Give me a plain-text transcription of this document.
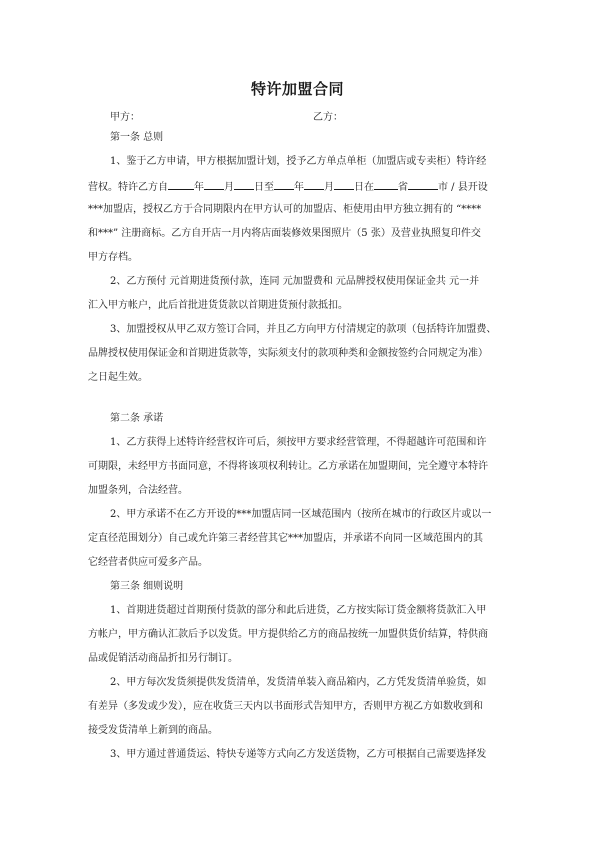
特许加盟合同
甲方：	乙方：
第一条 总则
1、鉴于乙方申请，甲方根据加盟计划，授予乙方单点单柜（加盟店或专卖柜）特许经
营权。特许乙方自	年 月 日至 年 月 日在 省	市 / 县开设
***加盟店，授权乙方于合同期限内在甲方认可的加盟店、柜使用由甲方独立拥有的 “****
和***” 注册商标。乙方自开店一月内将店面装修效果图照片（5 张）及营业执照复印件交
甲方存档。
2、乙方预付 元首期进货预付款，连同 元加盟费和 元品牌授权使用保证金共 元一并
汇入甲方帐户，此后首批进货货款以首期进货预付款抵扣。
3、加盟授权从甲乙双方签订合同，并且乙方向甲方付清规定的款项（包括特许加盟费、
品牌授权使用保证金和首期进货款等，实际须支付的款项种类和金额按签约合同规定为准）
之日起生效。
第二条 承诺
1、乙方获得上述特许经营权许可后，须按甲方要求经营管理，不得超越许可范围和许
可期限，未经甲方书面同意，不得将该项权利转让。乙方承诺在加盟期间，完全遵守本特许
加盟条列，合法经营。
2、甲方承诺不在乙方开设的***加盟店同一区域范围内（按所在城市的行政区片或以一
定直径范围划分）自己或允许第三者经营其它***加盟店，并承诺不向同一区域范围内的其
它经营者供应可爱多产品。
第三条 细则说明
1、首期进货超过首期预付货款的部分和此后进货，乙方按实际订货金额将货款汇入甲
方帐户，甲方确认汇款后予以发货。甲方提供给乙方的商品按统一加盟供货价结算，特供商
品或促销活动商品折扣另行制订。
2、甲方每次发货须提供发货清单，发货清单装入商品箱内，乙方凭发货清单验货，如
有差异（多发或少发），应在收货三天内以书面形式告知甲方，否则甲方视乙方如数收到和
接受发货清单上新到的商品。
3、甲方通过普通货运、特快专递等方式向乙方发送货物，乙方可根据自己需要选择发
